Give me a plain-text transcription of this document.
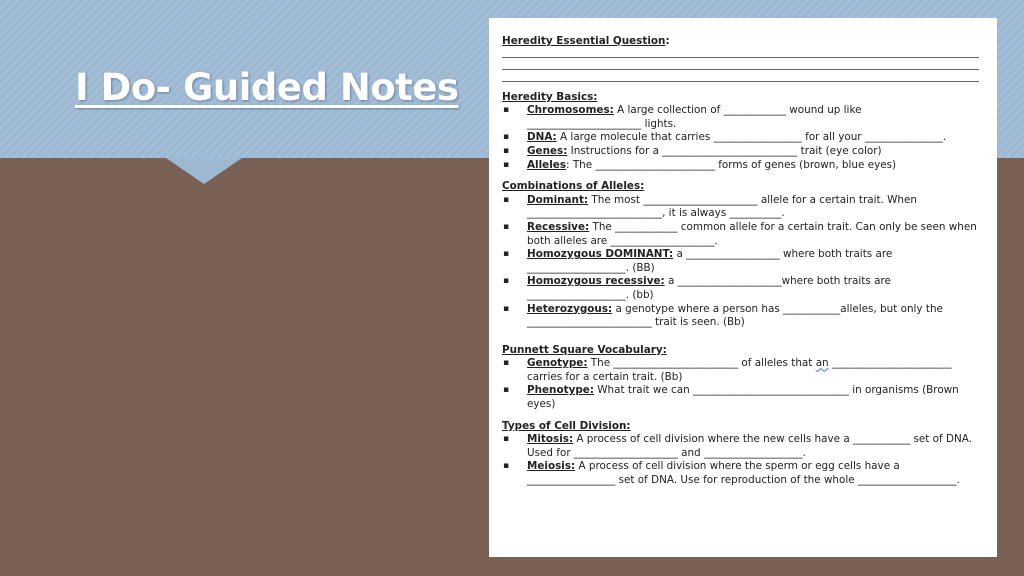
I Do- Guided Notes
Heredity Essential Question:
Heredity Basics:
▪ Chromosomes: A large collection of ____________ wound up like ______________________ lights.
▪ DNA: A large molecule that carries _________________ for all your _______________.
▪ Genes: Instructions for a __________________________ trait (eye color)
▪ Alleles: The _______________________ forms of genes (brown, blue eyes)
Combinations of Alleles:
▪ Dominant: The most ______________________ allele for a certain trait. When __________________________, it is always __________.
▪ Recessive: The ____________ common allele for a certain trait. Can only be seen when both alleles are ____________________.
▪ Homozygous DOMINANT: a __________________ where both traits are ___________________. (BB)
▪ Homozygous recessive: a ____________________where both traits are ___________________. (bb)
▪ Heterozygous: a genotype where a person has ___________alleles, but only the ________________________ trait is seen. (Bb)
Punnett Square Vocabulary:
▪ Genotype: The ________________________ of alleles that an _______________________ carries for a certain trait. (Bb)
▪ Phenotype: What trait we can ______________________________ in organisms (Brown eyes)
Types of Cell Division:
▪ Mitosis: A process of cell division where the new cells have a ___________ set of DNA. Used for ____________________ and ___________________.
▪ Meiosis: A process of cell division where the sperm or egg cells have a _________________ set of DNA. Use for reproduction of the whole ___________________.
